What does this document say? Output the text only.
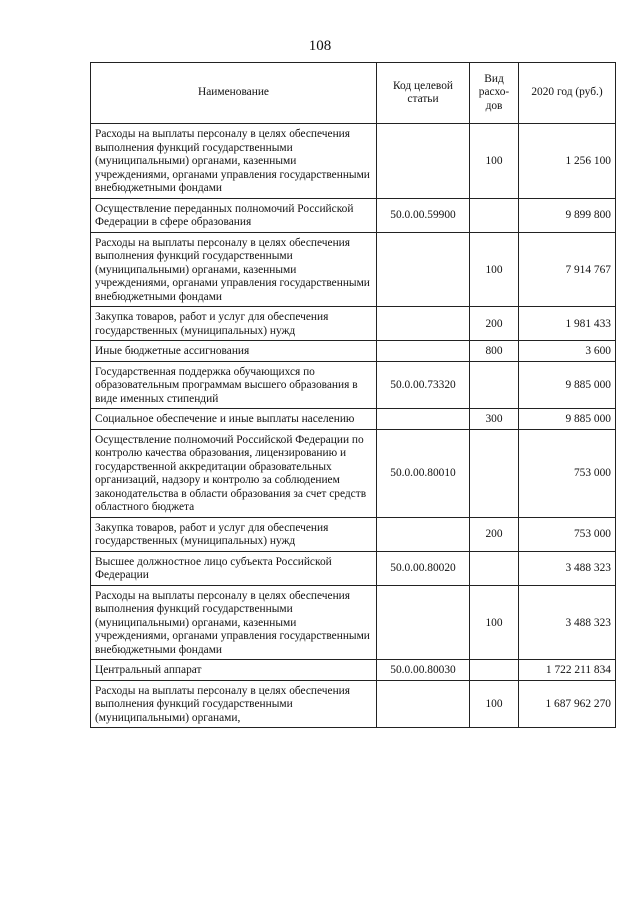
108
Наименование	Код целевой статьи	Вид расхо-дов	2020 год (руб.)
Расходы на выплаты персоналу в целях обеспечения выполнения функций государственными (муниципальными) органами, казенными учреждениями, органами управления государственными внебюджетными фондами		100	1 256 100
Осуществление переданных полномочий Российской Федерации в сфере образования	50.0.00.59900		9 899 800
Расходы на выплаты персоналу в целях обеспечения выполнения функций государственными (муниципальными) органами, казенными учреждениями, органами управления государственными внебюджетными фондами		100	7 914 767
Закупка товаров, работ и услуг для обеспечения государственных (муниципальных) нужд		200	1 981 433
Иные бюджетные ассигнования		800	3 600
Государственная поддержка обучающихся по образовательным программам высшего образования в виде именных стипендий	50.0.00.73320		9 885 000
Социальное обеспечение и иные выплаты населению		300	9 885 000
Осуществление полномочий Российской Федерации по контролю качества образования, лицензированию и государственной аккредитации образовательных организаций, надзору и контролю за соблюдением законодательства в области образования за счет средств областного бюджета	50.0.00.80010		753 000
Закупка товаров, работ и услуг для обеспечения государственных (муниципальных) нужд		200	753 000
Высшее должностное лицо субъекта Российской Федерации	50.0.00.80020		3 488 323
Расходы на выплаты персоналу в целях обеспечения выполнения функций государственными (муниципальными) органами, казенными учреждениями, органами управления государственными внебюджетными фондами		100	3 488 323
Центральный аппарат	50.0.00.80030		1 722 211 834
Расходы на выплаты персоналу в целях обеспечения выполнения функций государственными (муниципальными) органами,		100	1 687 962 270
